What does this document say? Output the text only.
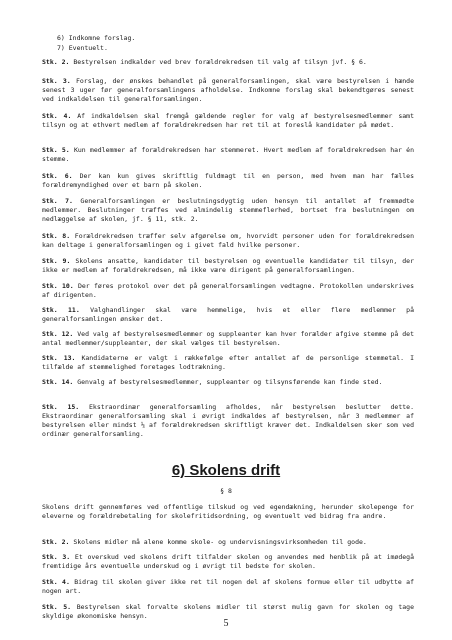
6) Indkomne forslag.
7) Eventuelt.
Stk. 2. Bestyrelsen indkalder ved brev forældrekredsen til valg af tilsyn jvf. § 6.
Stk. 3. Forslag, der ønskes behandlet på generalforsamlingen, skal være bestyrelsen i hænde senest 3 uger før generalforsamlingens afholdelse. Indkomne forslag skal bekendtgøres senest ved indkaldelsen til generalforsamlingen.
Stk. 4. Af indkaldelsen skal fremgå gældende regler for valg af bestyrelsesmedlemmer samt tilsyn og at ethvert medlem af forældrekredsen har ret til at foreslå kandidater på mødet.
Stk. 5. Kun medlemmer af forældrekredsen har stemmeret. Hvert medlem af forældrekredsen har én stemme.
Stk. 6. Der kan kun gives skriftlig fuldmagt til en person, med hvem man har fælles forældremyndighed over et barn på skolen.
Stk. 7. Generalforsamlingen er beslutningsdygtig uden hensyn til antallet af fremmødte medlemmer. Beslutninger træffes ved almindelig stemmeflerhed, bortset fra beslutningen om nedlæggelse af skolen, jf. § 11, stk. 2.
Stk. 8. Forældrekredsen træffer selv afgørelse om, hvorvidt personer uden for forældrekredsen kan deltage i generalforsamlingen og i givet fald hvilke personer.
Stk. 9. Skolens ansatte, kandidater til bestyrelsen og eventuelle kandidater til tilsyn, der ikke er medlem af forældrekredsen, må ikke være dirigent på generalforsamlingen.
Stk. 10. Der føres protokol over det på generalforsamlingen vedtagne. Protokollen underskrives af dirigenten.
Stk. 11. Valghandlinger skal være hemmelige, hvis et eller flere medlemmer på generalforsamlingen ønsker det.
Stk. 12. Ved valg af bestyrelsesmedlemmer og suppleanter kan hver forælder afgive stemme på det antal medlemmer/suppleanter, der skal vælges til bestyrelsen.
Stk. 13. Kandidaterne er valgt i rækkefølge efter antallet af de personlige stemmetal. I tilfælde af stemmelighed foretages lodtrækning.
Stk. 14. Genvalg af bestyrelsesmedlemmer, suppleanter og tilsynsførende kan finde sted.
Stk. 15. Ekstraordinær generalforsamling afholdes, når bestyrelsen beslutter dette. Ekstraordinær generalforsamling skal i øvrigt indkaldes af bestyrelsen, når 3 medlemmer af bestyrelsen eller mindst ⅓ af forældrekredsen skriftligt kræver det. Indkaldelsen sker som ved ordinær generalforsamling.
6) Skolens drift
§ 8
Skolens drift gennemføres ved offentlige tilskud og ved egendækning, herunder skolepenge for eleverne og forældrebetaling for skolefritidsordning, og eventuelt ved bidrag fra andre.
Stk. 2. Skolens midler må alene komme skole- og undervisningsvirksomheden til gode.
Stk. 3. Et overskud ved skolens drift tilfalder skolen og anvendes med henblik på at imødegå fremtidige års eventuelle underskud og i øvrigt til bedste for skolen.
Stk. 4. Bidrag til skolen giver ikke ret til nogen del af skolens formue eller til udbytte af nogen art.
Stk. 5. Bestyrelsen skal forvalte skolens midler til størst mulig gavn for skolen og tage skyldige økonomiske hensyn.
5
